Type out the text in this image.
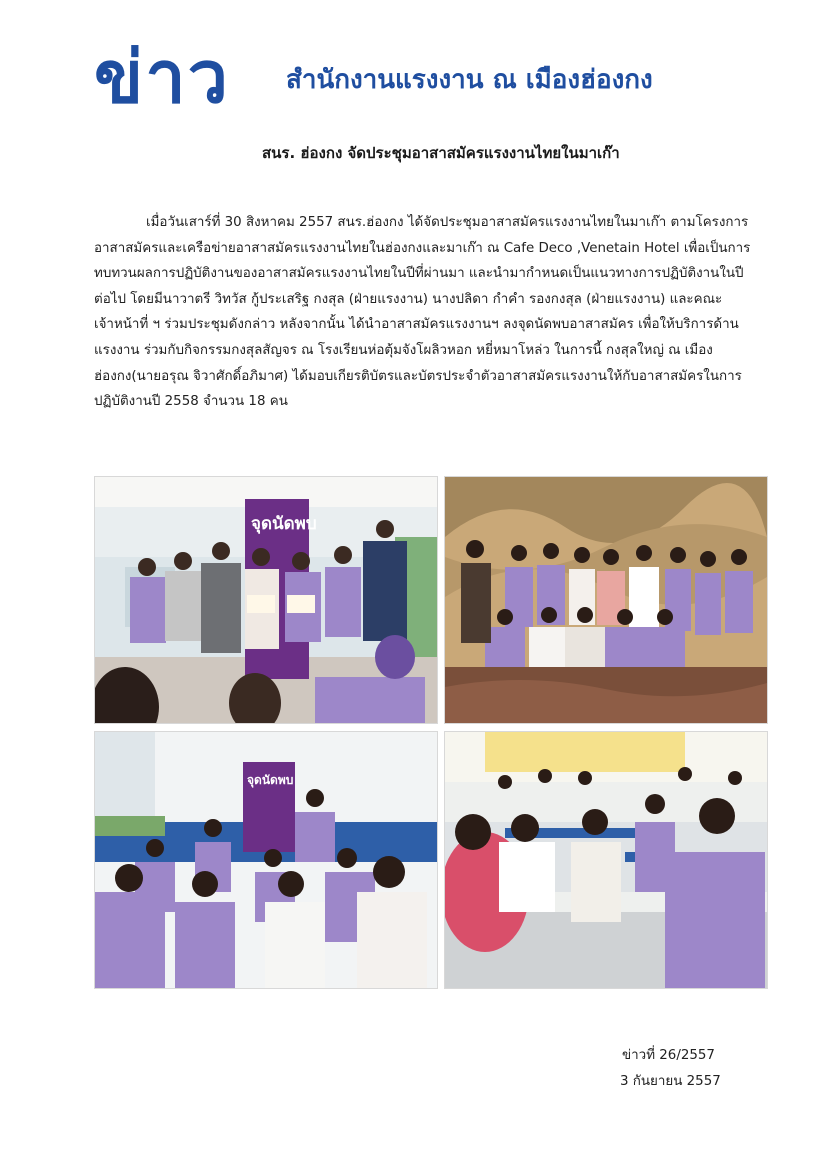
ข่าว สำนักงานแรงงาน ณ เมืองฮ่องกง
สนร. ฮ่องกง จัดประชุมอาสาสมัครแรงงานไทยในมาเก๊า
เมื่อวันเสาร์ที่ 30 สิงหาคม 2557 สนร.ฮ่องกง ได้จัดประชุมอาสาสมัครแรงงานไทยในมาเก๊า ตามโครงการ
อาสาสมัครและเครือข่ายอาสาสมัครแรงงานไทยในฮ่องกงและมาเก๊า ณ Cafe Deco ,Venetain Hotel เพื่อเป็นการ
ทบทวนผลการปฏิบัติงานของอาสาสมัครแรงงานไทยในปีที่ผ่านมา และนำมากำหนดเป็นแนวทางการปฏิบัติงานในปี
ต่อไป โดยมีนาวาตรี วิทวัส กู้ประเสริฐ กงสุล (ฝ่ายแรงงาน) นางปลิดา กำคำ รองกงสุล (ฝ่ายแรงงาน) และคณะ
เจ้าหน้าที่ ฯ ร่วมประชุมดังกล่าว หลังจากนั้น ได้นำอาสาสมัครแรงงานฯ ลงจุดนัดพบอาสาสมัคร เพื่อให้บริการด้าน
แรงงาน ร่วมกับกิจกรรมกงสุลสัญจร ณ โรงเรียนห่อตุ้มจังโผลิวหอก หยี่หมาโหล่ว ในการนี้ กงสุลใหญ่ ณ เมือง
ฮ่องกง(นายอรุณ จิวาศักดิ์อภิมาศ) ได้มอบเกียรติบัตรและบัตรประจำตัวอาสาสมัครแรงงานให้กับอาสาสมัครในการ
ปฏิบัติงานปี 2558 จำนวน 18 คน
จุดนัดพบ
จุดนัดพบ
ข่าวที่ 26/2557
3 กันยายน 2557
